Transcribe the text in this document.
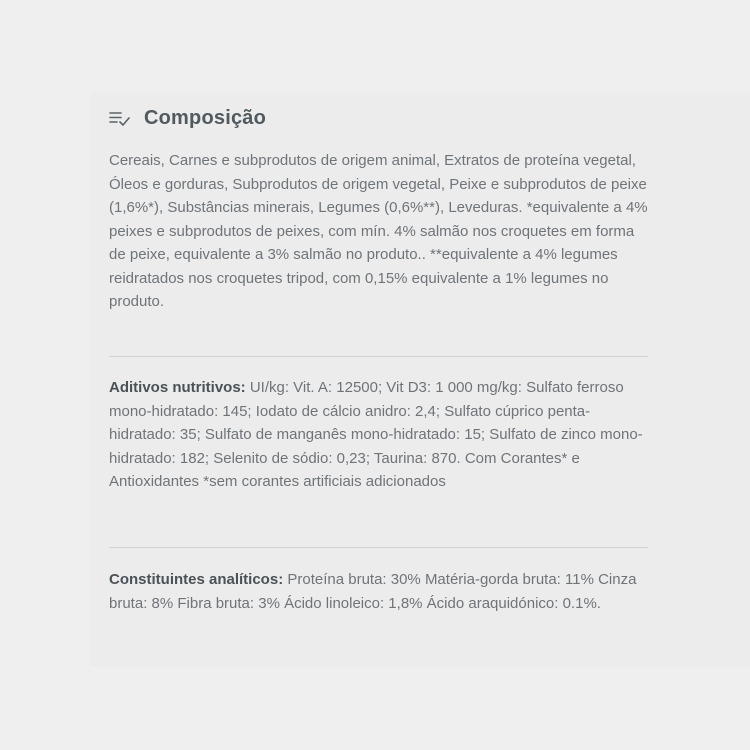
Composição

Cereais, Carnes e subprodutos de origem animal, Extratos de proteína vegetal, Óleos e gorduras, Subprodutos de origem vegetal, Peixe e subprodutos de peixe (1,6%*), Substâncias minerais, Legumes (0,6%**), Leveduras. *equivalente a 4% peixes e subprodutos de peixes, com mín. 4% salmão nos croquetes em forma de peixe, equivalente a 3% salmão no produto.. **equivalente a 4% legumes reidratados nos croquetes tripod, com 0,15% equivalente a 1% legumes no produto.

Aditivos nutritivos: UI/kg: Vit. A: 12500; Vit D3: 1 000 mg/kg: Sulfato ferroso mono-hidratado: 145; Iodato de cálcio anidro: 2,4; Sulfato cúprico penta-hidratado: 35; Sulfato de manganês mono-hidratado: 15; Sulfato de zinco mono-hidratado: 182; Selenito de sódio: 0,23; Taurina: 870. Com Corantes* e Antioxidantes *sem corantes artificiais adicionados

Constituintes analíticos: Proteína bruta: 30% Matéria-gorda bruta: 11% Cinza bruta: 8% Fibra bruta: 3% Ácido linoleico: 1,8% Ácido araquidónico: 0.1%.
